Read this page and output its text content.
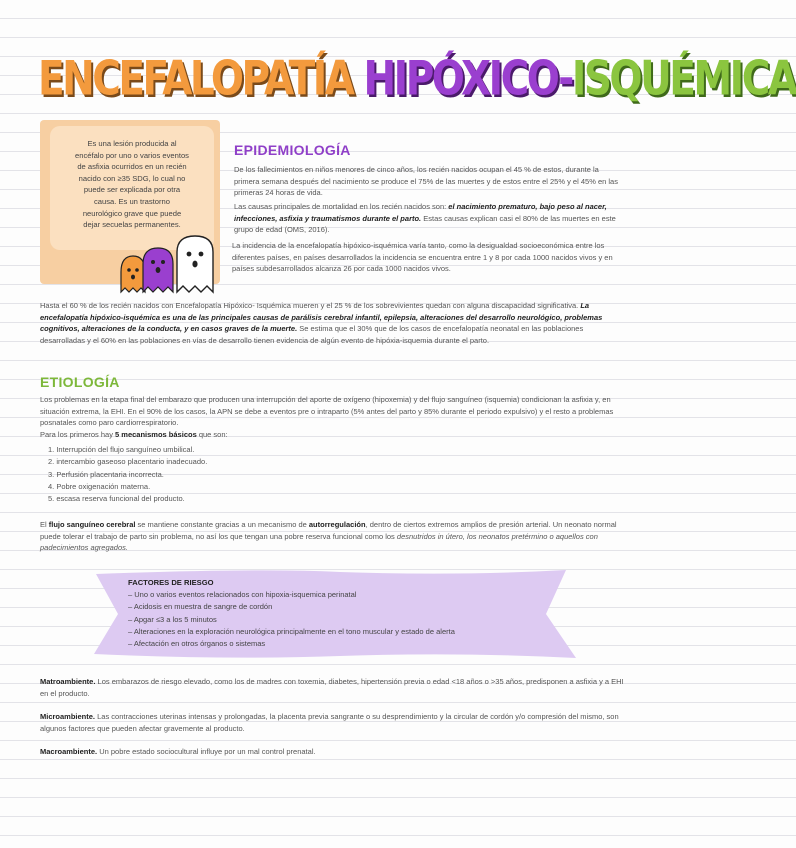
ENCEFALOPATÍA HIPÓXICO-ISQUÉMICA

Es una lesión producida al
encéfalo por uno o varios eventos
de asfixia ocurridos en un recién
nacido con ≥35 SDG, lo cual no
puede ser explicada por otra
causa. Es un trastorno
neurológico grave que puede
dejar secuelas permanentes.

EPIDEMIOLOGÍA

De los fallecimientos en niños menores de cinco años, los recién nacidos ocupan el 45 % de estos, durante la primera semana después del nacimiento se produce el 75% de las muertes y de estos entre el 25% y el 45% en las primeras 24 horas de vida.

Las causas principales de mortalidad en los recién nacidos son: el nacimiento prematuro, bajo peso al nacer, infecciones, asfixia y traumatismos durante el parto. Estas causas explican casi el 80% de las muertes en este grupo de edad (OMS, 2016).

La incidencia de la encefalopatía hipóxico-isquémica varía tanto, como la desigualdad socioeconómica entre los diferentes países, en países desarrollados la incidencia se encuentra entre 1 y 8 por cada 1000 nacidos vivos y en países subdesarrollados alcanza 26 por cada 1000 nacidos vivos.

Hasta el 60 % de los recién nacidos con Encefalopatía Hipóxico- Isquémica mueren y el 25 % de los sobrevivientes quedan con alguna discapacidad significativa. La encefalopatía hipóxico-isquémica es una de las principales causas de parálisis cerebral infantil, epilepsia, alteraciones del desarrollo neurológico, problemas cognitivos, alteraciones de la conducta, y en casos graves de la muerte. Se estima que el 30% que de los casos de encefalopatía neonatal en las poblaciones desarrolladas y el 60% en las poblaciones en vías de desarrollo tienen evidencia de algún evento de hipóxia-isquemia durante el parto.

ETIOLOGÍA

Los problemas en la etapa final del embarazo que producen una interrupción del aporte de oxígeno (hipoxemia) y del flujo sanguíneo (isquemia) condicionan la asfixia y, en situación extrema, la EHI. En el 90% de los casos, la APN se debe a eventos pre o intraparto (5% antes del parto y 85% durante el periodo expulsivo) y el resto a problemas posnatales como paro cardiorrespiratorio.

Para los primeros hay 5 mecanismos básicos que son:

1. Interrupción del flujo sanguíneo umbilical.
2. intercambio gaseoso placentario inadecuado.
3. Perfusión placentaria incorrecta.
4. Pobre oxigenación materna.
5. escasa reserva funcional del producto.

El flujo sanguíneo cerebral se mantiene constante gracias a un mecanismo de autorregulación, dentro de ciertos extremos amplios de presión arterial. Un neonato normal puede tolerar el trabajo de parto sin problema, no así los que tengan una pobre reserva funcional como los desnutridos in útero, los neonatos pretérmino o aquellos con padecimientos agregados.

FACTORES DE RIESGO

– Uno o varios eventos relacionados con hipoxia-isquemica perinatal
– Acidosis en muestra de sangre de cordón
– Apgar ≤3 a los 5 minutos
– Alteraciones en la exploración neurológica principalmente en el tono muscular y estado de alerta
– Afectación en otros órganos o sistemas

Matroambiente. Los embarazos de riesgo elevado, como los de madres con toxemia, diabetes, hipertensión previa o edad <18 años o >35 años, predisponen a asfixia y a EHI en el producto.

Microambiente. Las contracciones uterinas intensas y prolongadas, la placenta previa sangrante o su desprendimiento y la circular de cordón y/o compresión del mismo, son algunos factores que pueden afectar gravemente al producto.

Macroambiente. Un pobre estado sociocultural influye por un mal control prenatal.
